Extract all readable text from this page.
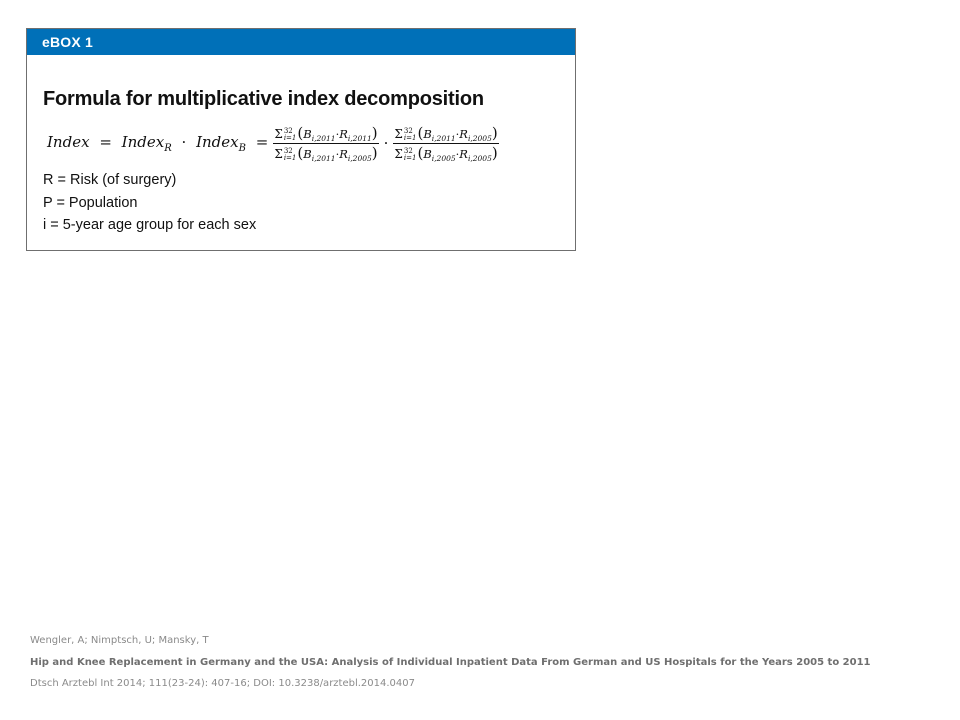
eBOX 1
Formula for multiplicative index decomposition
Index = Index$_R$ · Index$_B$ = Σ 32
i=1 $(B_{i,2011}\cdot R_{i,2011})$
Σ 32
i=1 $(B_{i,2011}\cdot R_{i,2005}) \cdot \Sigma$ 32
i=1 $(B_{i,2011}\cdot R_{i,2005})$
Σ 32
i=1 $(B_{i,2005}\cdot R_{i,2005})$
R = Risk (of surgery)
P = Population
i = 5-year age group for each sex
Wengler, A; Nimptsch, U; Mansky, T
Hip and Knee Replacement in Germany and the USA: Analysis of Individual Inpatient Data From German and US Hospitals for the Years 2005 to 2011
Dtsch Arztebl Int 2014; 111(23-24): 407-16; DOI: 10.3238/arztebl.2014.0407
